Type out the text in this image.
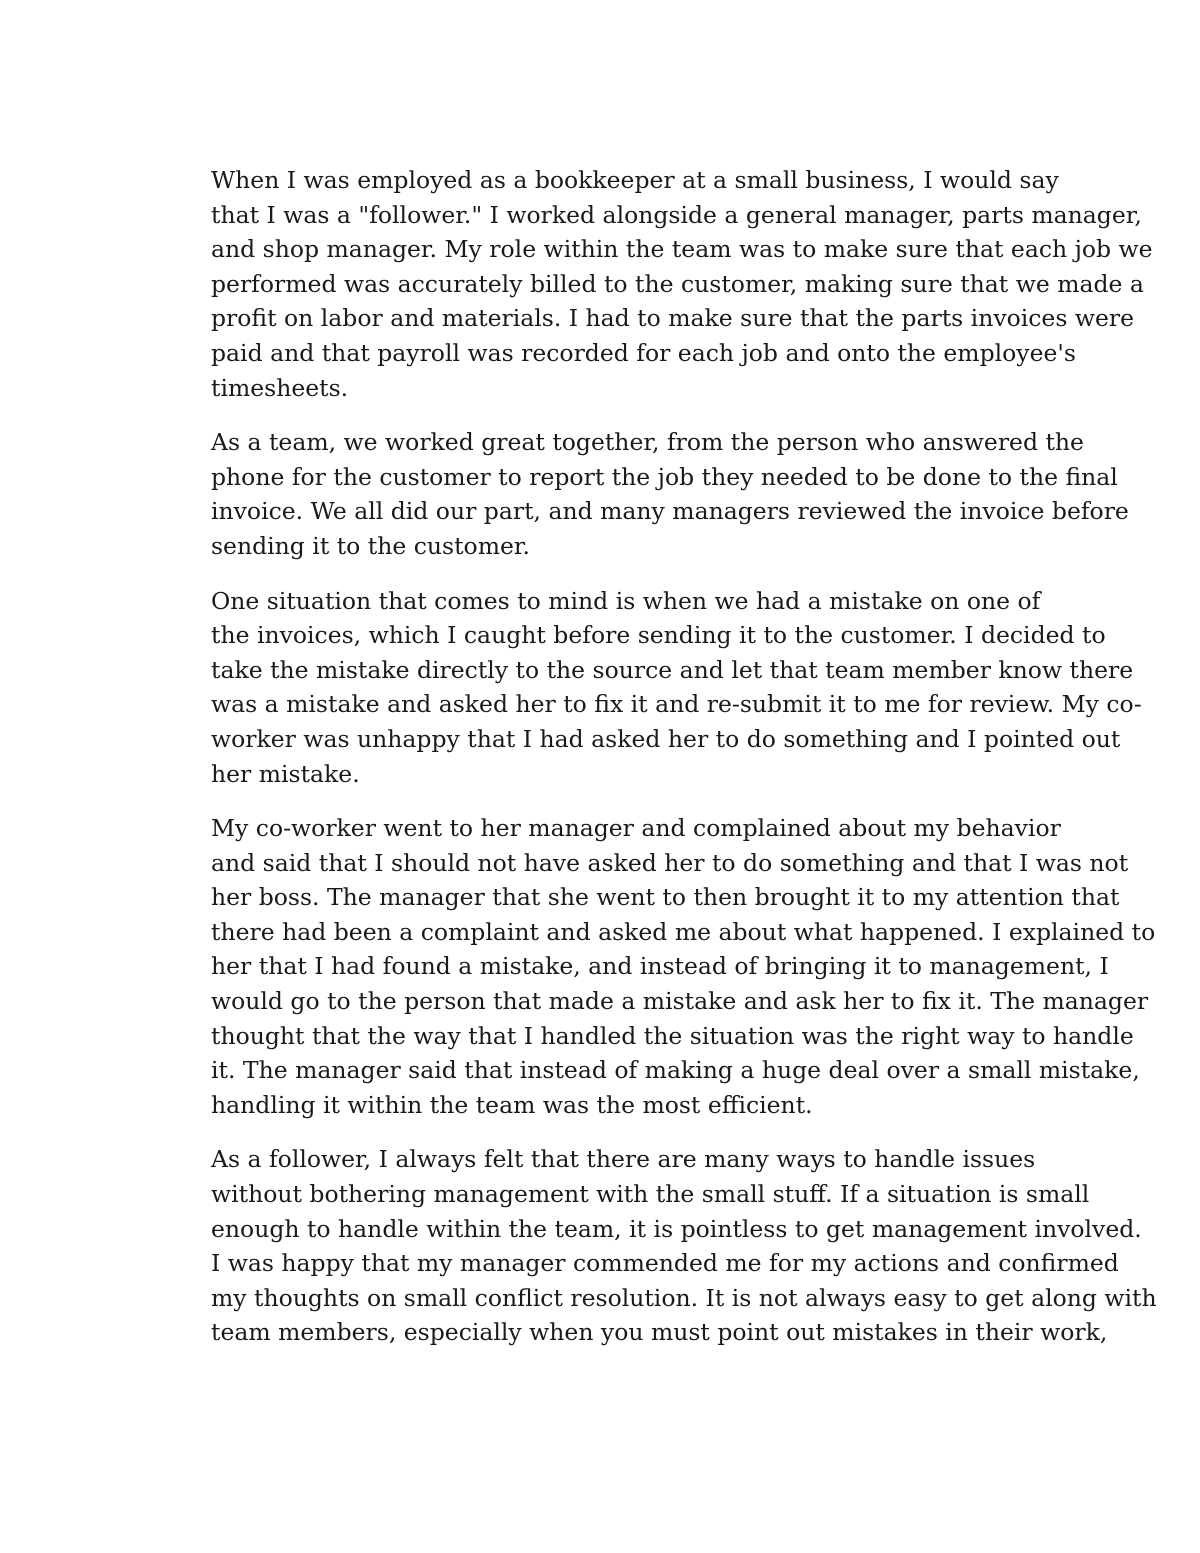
When I was employed as a bookkeeper at a small business, I would say
that I was a "follower." I worked alongside a general manager, parts manager,
and shop manager. My role within the team was to make sure that each job we
performed was accurately billed to the customer, making sure that we made a
profit on labor and materials. I had to make sure that the parts invoices were
paid and that payroll was recorded for each job and onto the employee's
timesheets.

As a team, we worked great together, from the person who answered the
phone for the customer to report the job they needed to be done to the final
invoice. We all did our part, and many managers reviewed the invoice before
sending it to the customer.

One situation that comes to mind is when we had a mistake on one of
the invoices, which I caught before sending it to the customer. I decided to
take the mistake directly to the source and let that team member know there
was a mistake and asked her to fix it and re-submit it to me for review. My co-
worker was unhappy that I had asked her to do something and I pointed out
her mistake.

My co-worker went to her manager and complained about my behavior
and said that I should not have asked her to do something and that I was not
her boss. The manager that she went to then brought it to my attention that
there had been a complaint and asked me about what happened. I explained to
her that I had found a mistake, and instead of bringing it to management, I
would go to the person that made a mistake and ask her to fix it. The manager
thought that the way that I handled the situation was the right way to handle
it. The manager said that instead of making a huge deal over a small mistake,
handling it within the team was the most efficient.

As a follower, I always felt that there are many ways to handle issues
without bothering management with the small stuff. If a situation is small
enough to handle within the team, it is pointless to get management involved.
I was happy that my manager commended me for my actions and confirmed
my thoughts on small conflict resolution. It is not always easy to get along with
team members, especially when you must point out mistakes in their work,
